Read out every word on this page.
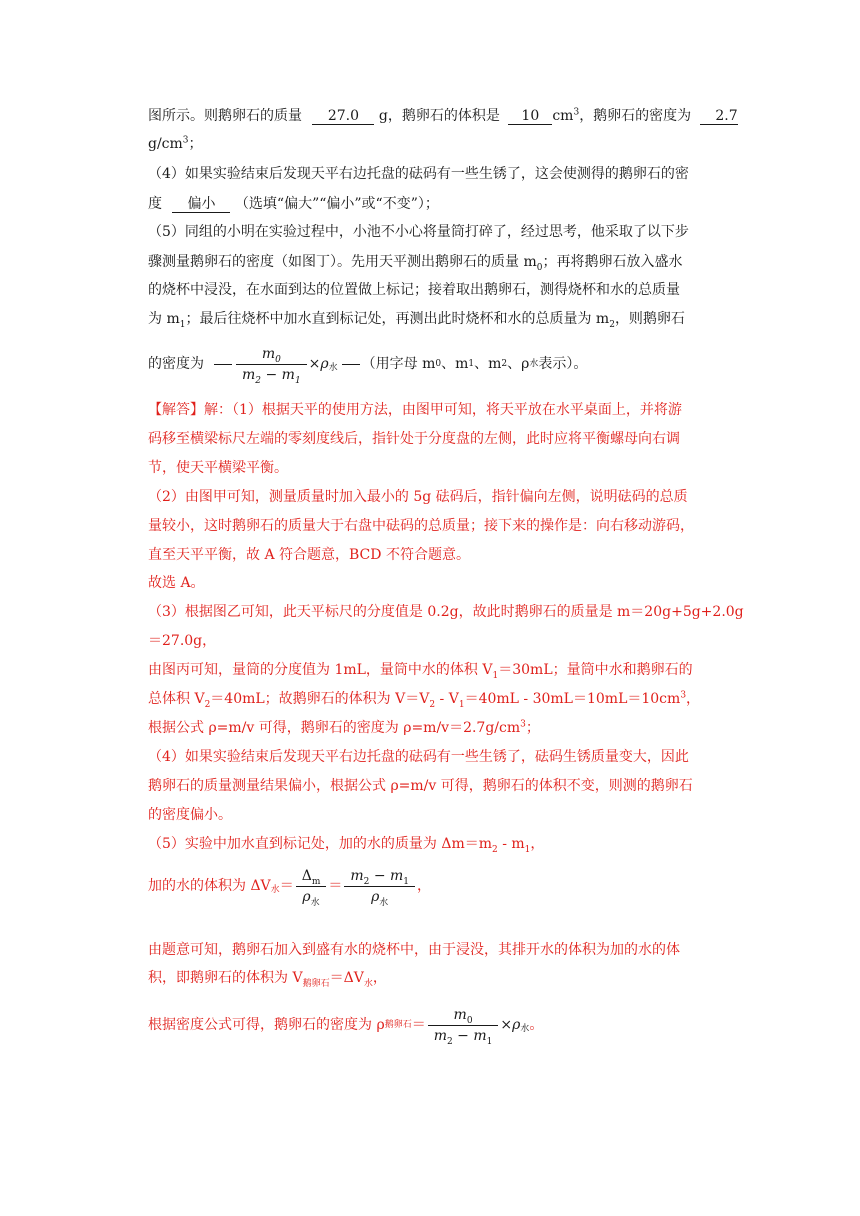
图所示。则鹅卵石的质量 27.0 g，鹅卵石的体积是 10 $cm^3$，鹅卵石的密度为 2.7

$g/cm^3$；

（4）如果实验结束后发现天平右边托盘的砝码有一些生锈了，这会使测得的鹅卵石的密

度 偏小 （选填“偏大”“偏小”或“不变”）；

（5）同组的小明在实验过程中，小池不小心将量筒打碎了，经过思考，他采取了以下步

骤测量鹅卵石的密度（如图丁）。先用天平测出鹅卵石的质量 $m_0$；再将鹅卵石放入盛水

的烧杯中浸没，在水面到达的位置做上标记；接着取出鹅卵石，测得烧杯和水的总质量

为 $m_1$；最后往烧杯中加水直到标记处，再测出此时烧杯和水的总质量为 $m_2$，则鹅卵石

的密度为 $\frac{m_0}{m_2 - m_1} \times \rho$ 水 （用字母 m 0 、m 1 、m 2 、ρ 水 表示）。

【解答】解：（1）根据天平的使用方法，由图甲可知，将天平放在水平桌面上，并将游

码移至横梁标尺左端的零刻度线后，指针处于分度盘的左侧，此时应将平衡螺母向右调

节，使天平横梁平衡。

（2）由图甲可知，测量质量时加入最小的 5g 砝码后，指针偏向左侧，说明砝码的总质

量较小，这时鹅卵石的质量大于右盘中砝码的总质量；接下来的操作是：向右移动游码，

直至天平平衡，故 A 符合题意，BCD 不符合题意。

故选 A。

（3）根据图乙可知，此天平标尺的分度值是 0.2g，故此时鹅卵石的质量是 m＝20g+5g+2.0g

＝27.0g，

由图丙可知，量筒的分度值为 1mL，量筒中水的体积 $V_1=30mL$；量筒中水和鹅卵石的

总体积 $V_2=40mL$；故鹅卵石的体积为 $V=V_2 - V_1=40mL - 30mL=10mL=10cm^3$，

根据公式 ρ=m/v 可得，鹅卵石的密度为 $\rho=m/v=2.7g/cm^3$；

（4）如果实验结束后发现天平右边托盘的砝码有一些生锈了，砝码生锈质量变大，因此

鹅卵石的质量测量结果偏小，根据公式 ρ=m/v 可得，鹅卵石的体积不变，则测的鹅卵石

的密度偏小。

（5）实验中加水直到标记处，加的水的质量为 $\Delta m=m_2 - m_1$，

加的水的体积为 ΔV 水 ＝ $\frac{\Delta_m}{\rho_水} = \frac{m_2 - m_1}{\rho_水}$ ，

由题意可知，鹅卵石加入到盛有水的烧杯中，由于浸没，其排开水的体积为加的水的体

积，即鹅卵石的体积为 $V_{鹅卵石}=\Delta V_水$，

根据密度公式可得，鹅卵石的密度为 ρ 鹅卵石 ＝ $\frac{m_0}{m_2 - m_1} \times \rho$ 水 。
